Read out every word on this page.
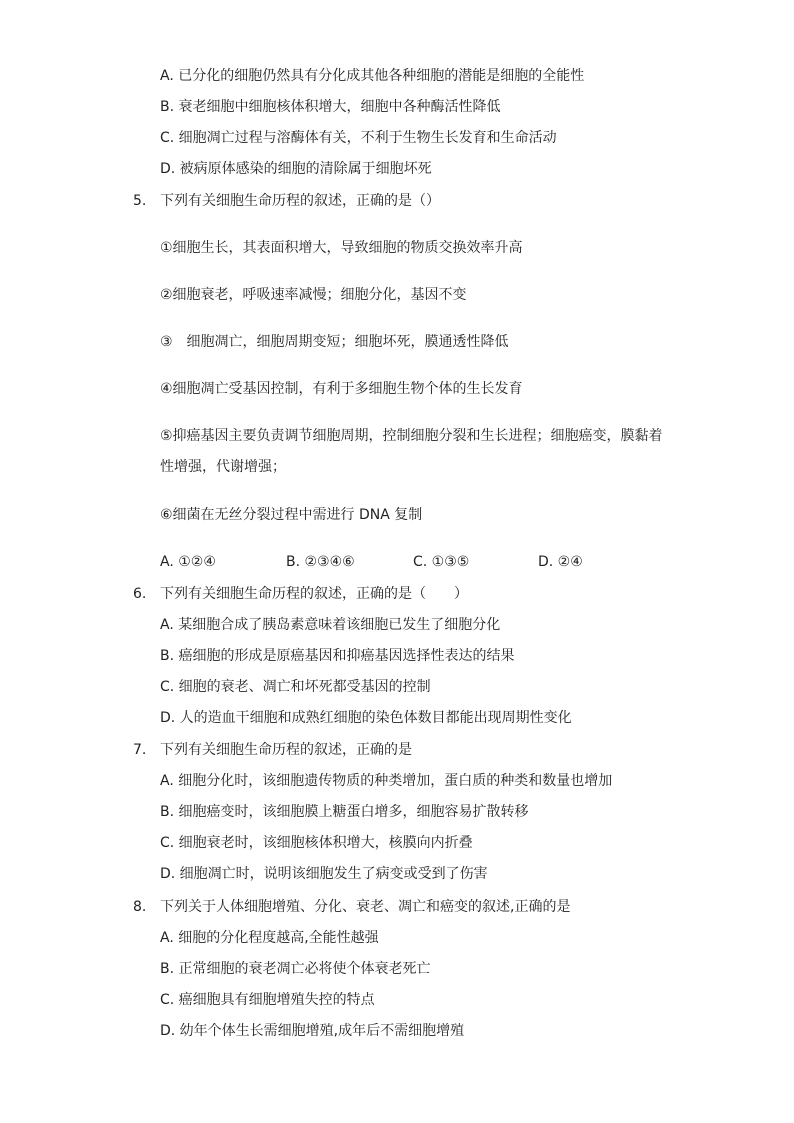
A. 已分化的细胞仍然具有分化成其他各种细胞的潜能是细胞的全能性
B. 衰老细胞中细胞核体积增大，细胞中各种酶活性降低
C. 细胞凋亡过程与溶酶体有关，不利于生物生长发育和生命活动
D. 被病原体感染的细胞的清除属于细胞坏死
5. 下列有关细胞生命历程的叙述，正确的是（）
①细胞生长，其表面积增大，导致细胞的物质交换效率升高
②细胞衰老，呼吸速率减慢；细胞分化，基因不变
③　细胞凋亡，细胞周期变短；细胞坏死，膜通透性降低
④细胞凋亡受基因控制，有利于多细胞生物个体的生长发育
⑤抑癌基因主要负责调节细胞周期，控制细胞分裂和生长进程；细胞癌变，膜黏着
性增强，代谢增强；
⑥细菌在无丝分裂过程中需进行 DNA 复制
A. ①②④	B. ②③④⑥	C. ①③⑤	D. ②④
6. 下列有关细胞生命历程的叙述，正确的是（　　）
A. 某细胞合成了胰岛素意味着该细胞已发生了细胞分化
B. 癌细胞的形成是原癌基因和抑癌基因选择性表达的结果
C. 细胞的衰老、凋亡和坏死都受基因的控制
D. 人的造血干细胞和成熟红细胞的染色体数目都能出现周期性变化
7. 下列有关细胞生命历程的叙述，正确的是
A. 细胞分化时，该细胞遗传物质的种类增加，蛋白质的种类和数量也增加
B. 细胞癌变时，该细胞膜上糖蛋白增多，细胞容易扩散转移
C. 细胞衰老时，该细胞核体积增大，核膜向内折叠
D. 细胞凋亡时，说明该细胞发生了病变或受到了伤害
8. 下列关于人体细胞增殖、分化、衰老、凋亡和癌变的叙述,正确的是
A. 细胞的分化程度越高,全能性越强
B. 正常细胞的衰老凋亡必将使个体衰老死亡
C. 癌细胞具有细胞增殖失控的特点
D. 幼年个体生长需细胞增殖,成年后不需细胞增殖
